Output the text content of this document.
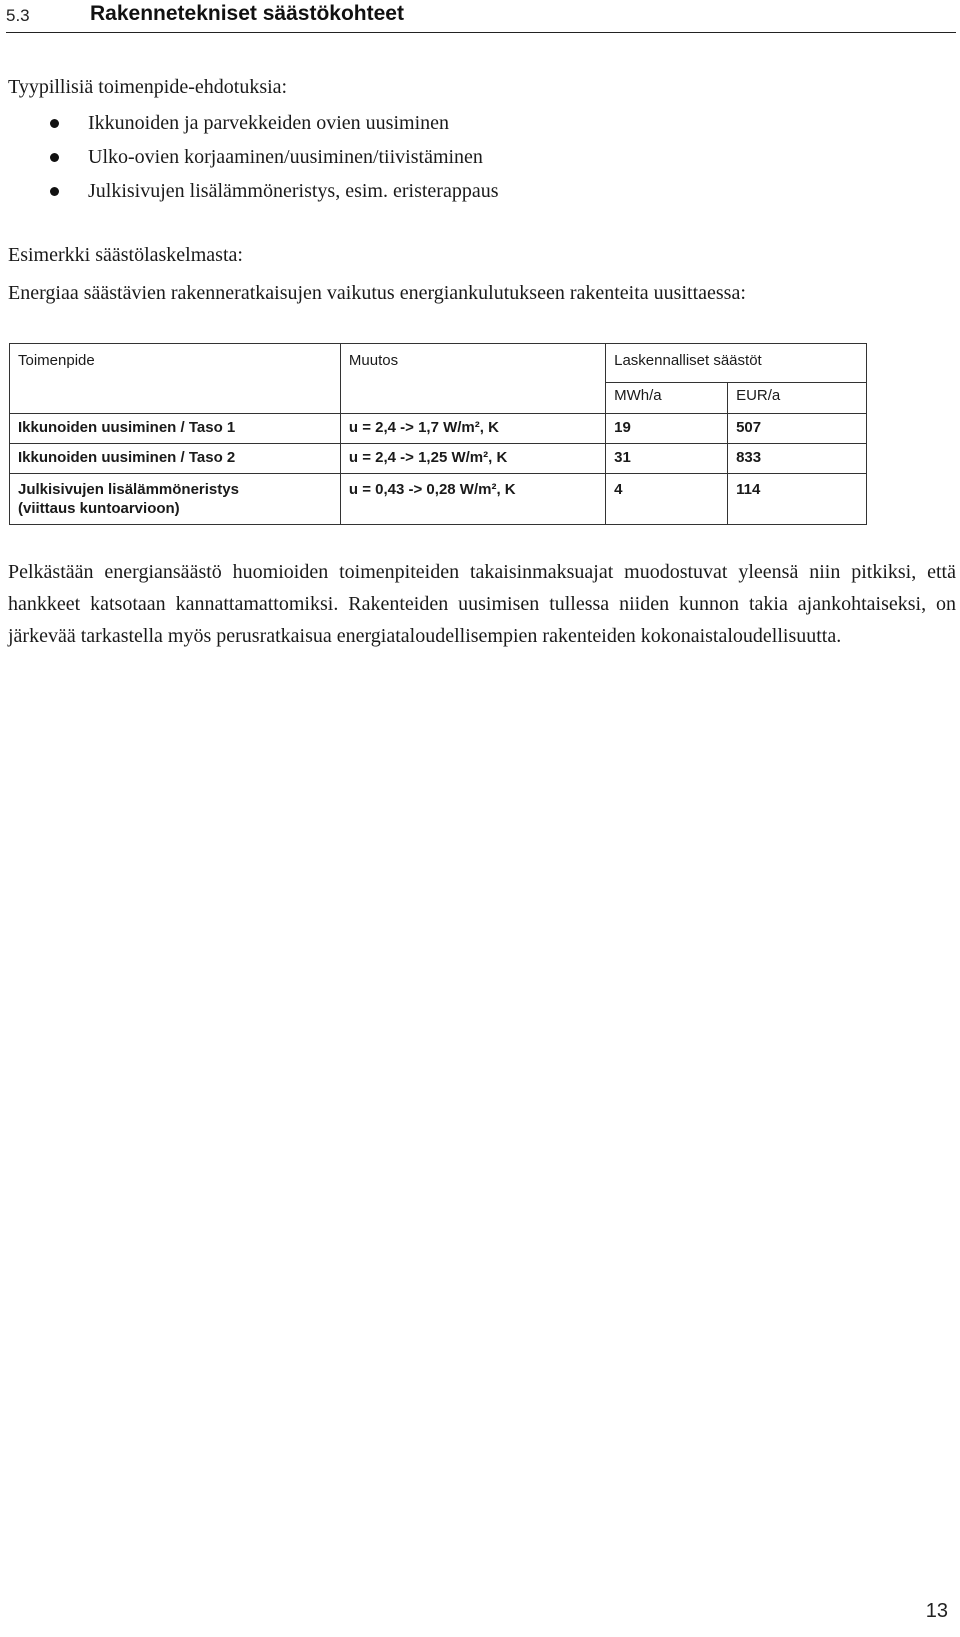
5.3	Rakennetekniset säästökohteet
Tyypillisiä toimenpide-ehdotuksia:
Ikkunoiden ja parvekkeiden ovien uusiminen
Ulko-ovien korjaaminen/uusiminen/tiivistäminen
Julkisivujen lisälämmöneristys, esim. eristerappaus
Esimerkki säästölaskelmasta:
Energiaa säästävien rakenneratkaisujen vaikutus energiankulutukseen rakenteita uusittaessa:
Toimenpide	Muutos	Laskennalliset säästöt	
		MWh/a	EUR/a
Ikkunoiden uusiminen / Taso 1	u = 2,4 -> 1,7 W/m², K	19	507
Ikkunoiden uusiminen / Taso 2	u = 2,4 -> 1,25 W/m², K	31	833

Julkisivujen lisälämmöneristys
(viittaus kuntoarvioon)	u = 0,43 -> 0,28 W/m², K	4	114

Pelkästään energiansäästö huomioiden toimenpiteiden takaisinmaksuajat muodostuvat yleensä niin pitkiksi, että hankkeet katsotaan kannattamattomiksi. Rakenteiden uusimisen tullessa niiden kunnon takia ajankohtaiseksi, on järkevää tarkastella myös perusratkaisua energiataloudellisempien rakenteiden kokonaistaloudellisuutta.

13
